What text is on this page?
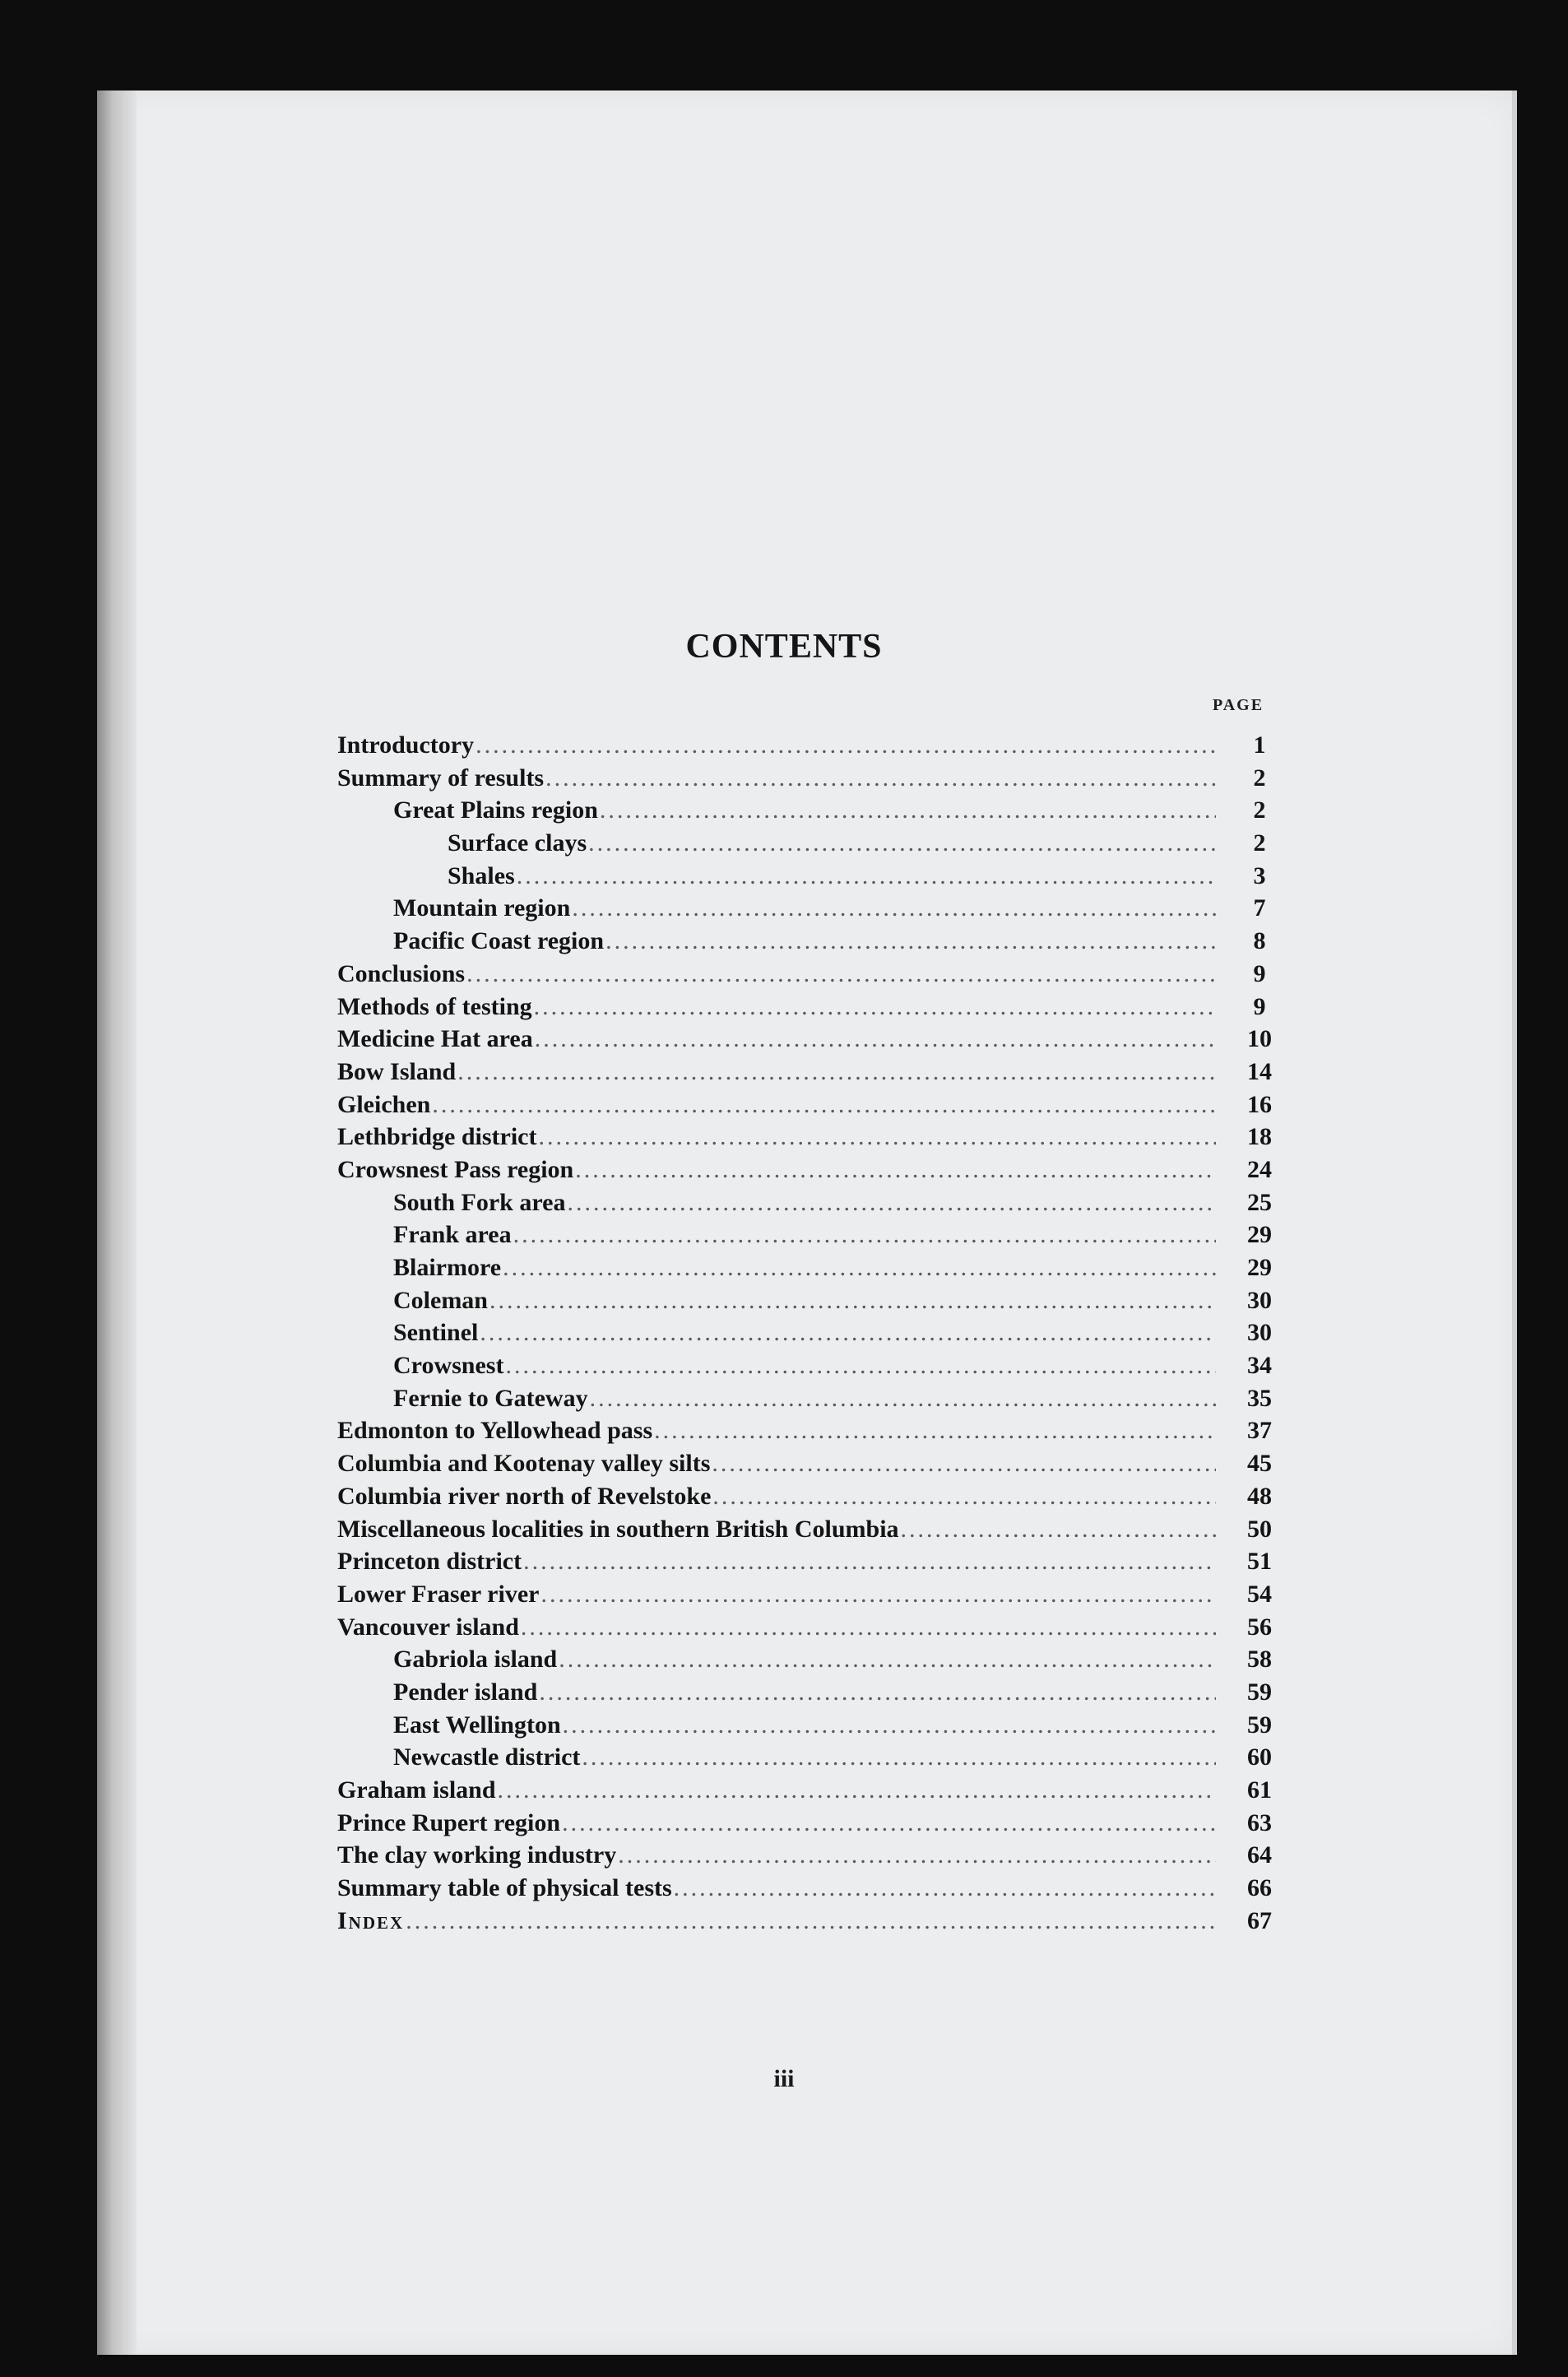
CONTENTS
PAGE
Introductory .....	1
Summary of results .....	2
Great Plains region .....	2
Surface clays .....	2
Shales .....	3
Mountain region .....	7
Pacific Coast region .....	8
Conclusions .....	9
Methods of testing .....	9
Medicine Hat area .....	10
Bow Island .....	14
Gleichen .....	16
Lethbridge district .....	18
Crowsnest Pass region .....	24
South Fork area .....	25
Frank area .....	29
Blairmore .....	29
Coleman .....	30
Sentinel .....	30
Crowsnest .....	34
Fernie to Gateway .....	35
Edmonton to Yellowhead pass .....	37
Columbia and Kootenay valley silts .....	45
Columbia river north of Revelstoke .....	48
Miscellaneous localities in southern British Columbia .....	50
Princeton district .....	51
Lower Fraser river .....	54
Vancouver island .....	56
Gabriola island .....	58
Pender island .....	59
East Wellington .....	59
Newcastle district .....	60
Graham island .....	61
Prince Rupert region .....	63
The clay working industry .....	64
Summary table of physical tests .....	66
Index .....	67
iii
